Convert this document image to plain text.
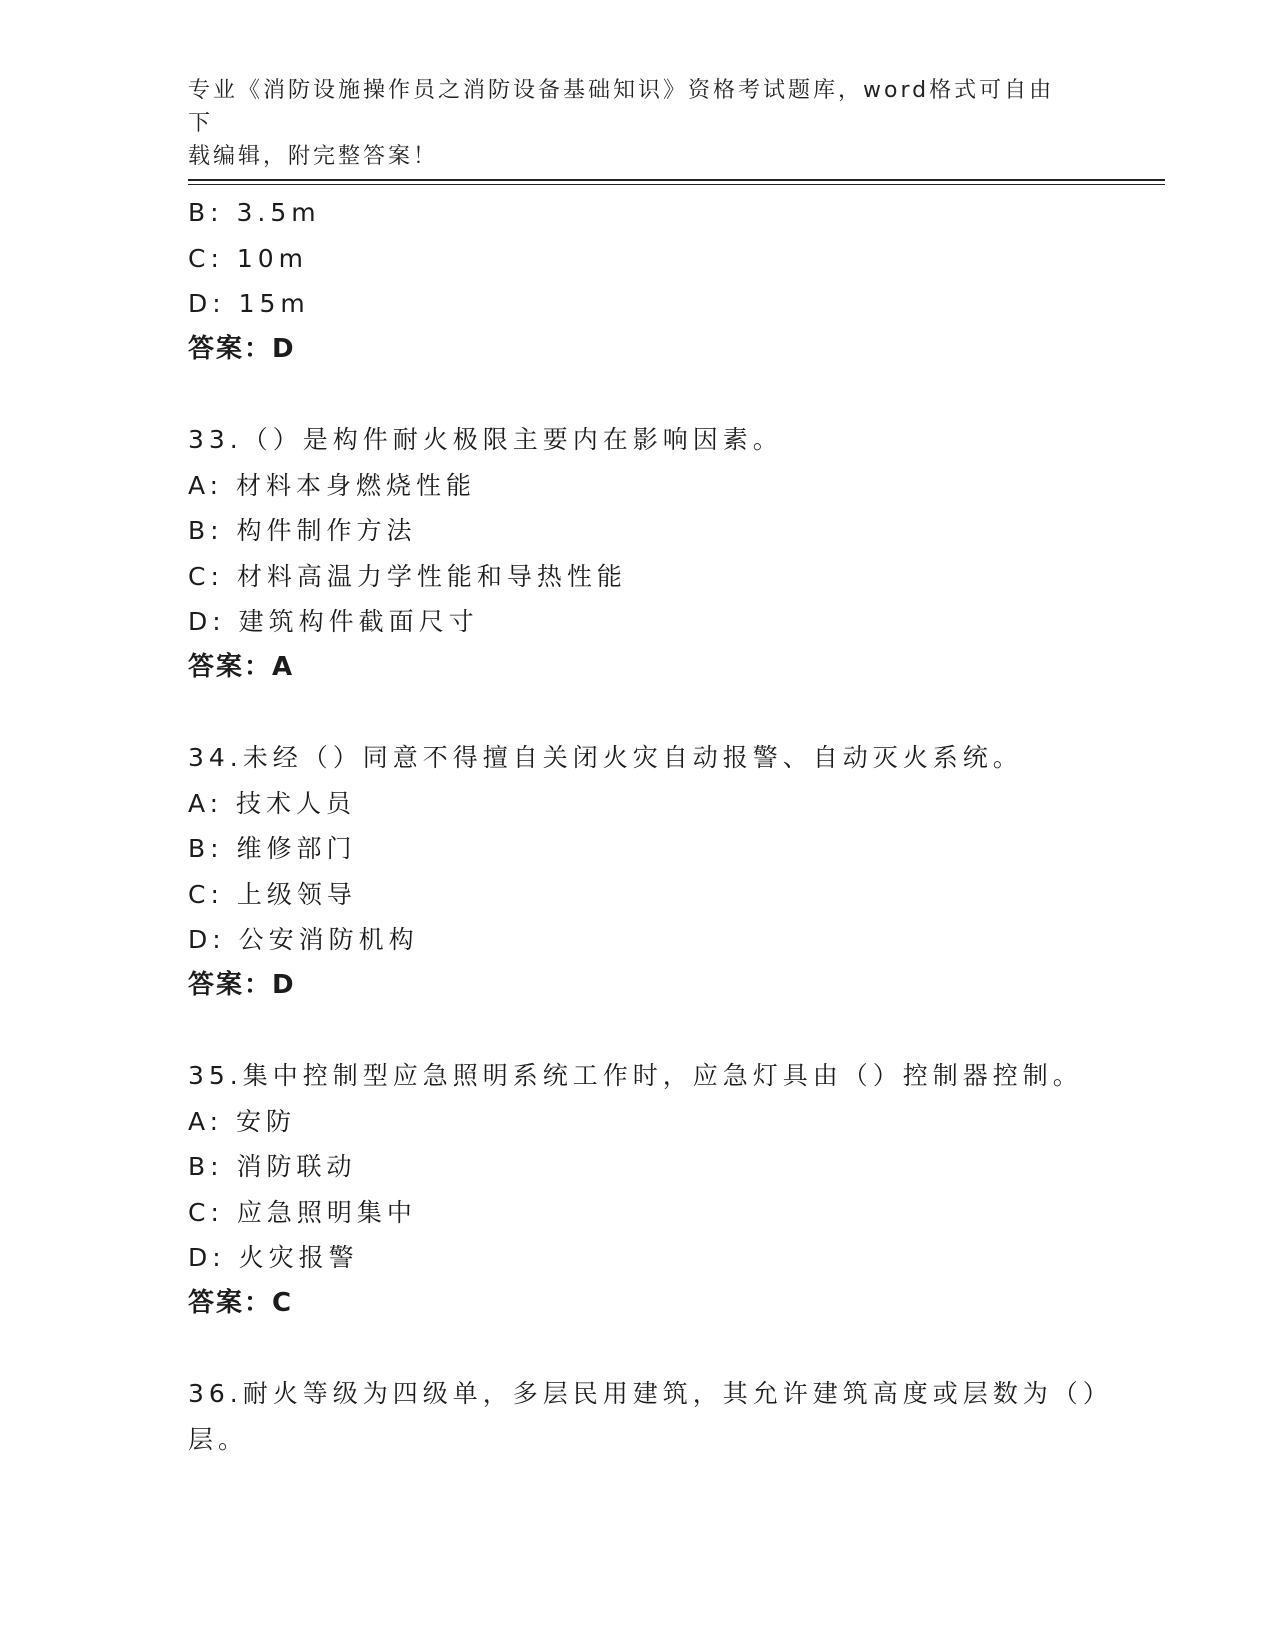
专业《消防设施操作员之消防设备基础知识》资格考试题库，word格式可自由下
载编辑，附完整答案！
B: 3.5m
C: 10m
D: 15m
答案：D
33.（）是构件耐火极限主要内在影响因素。
A: 材料本身燃烧性能
B: 构件制作方法
C: 材料高温力学性能和导热性能
D: 建筑构件截面尺寸
答案：A
34.未经（）同意不得擅自关闭火灾自动报警、自动灭火系统。
A: 技术人员
B: 维修部门
C: 上级领导
D: 公安消防机构
答案：D
35.集中控制型应急照明系统工作时，应急灯具由（）控制器控制。
A: 安防
B: 消防联动
C: 应急照明集中
D: 火灾报警
答案：C
36.耐火等级为四级单，多层民用建筑，其允许建筑高度或层数为（）
层。
